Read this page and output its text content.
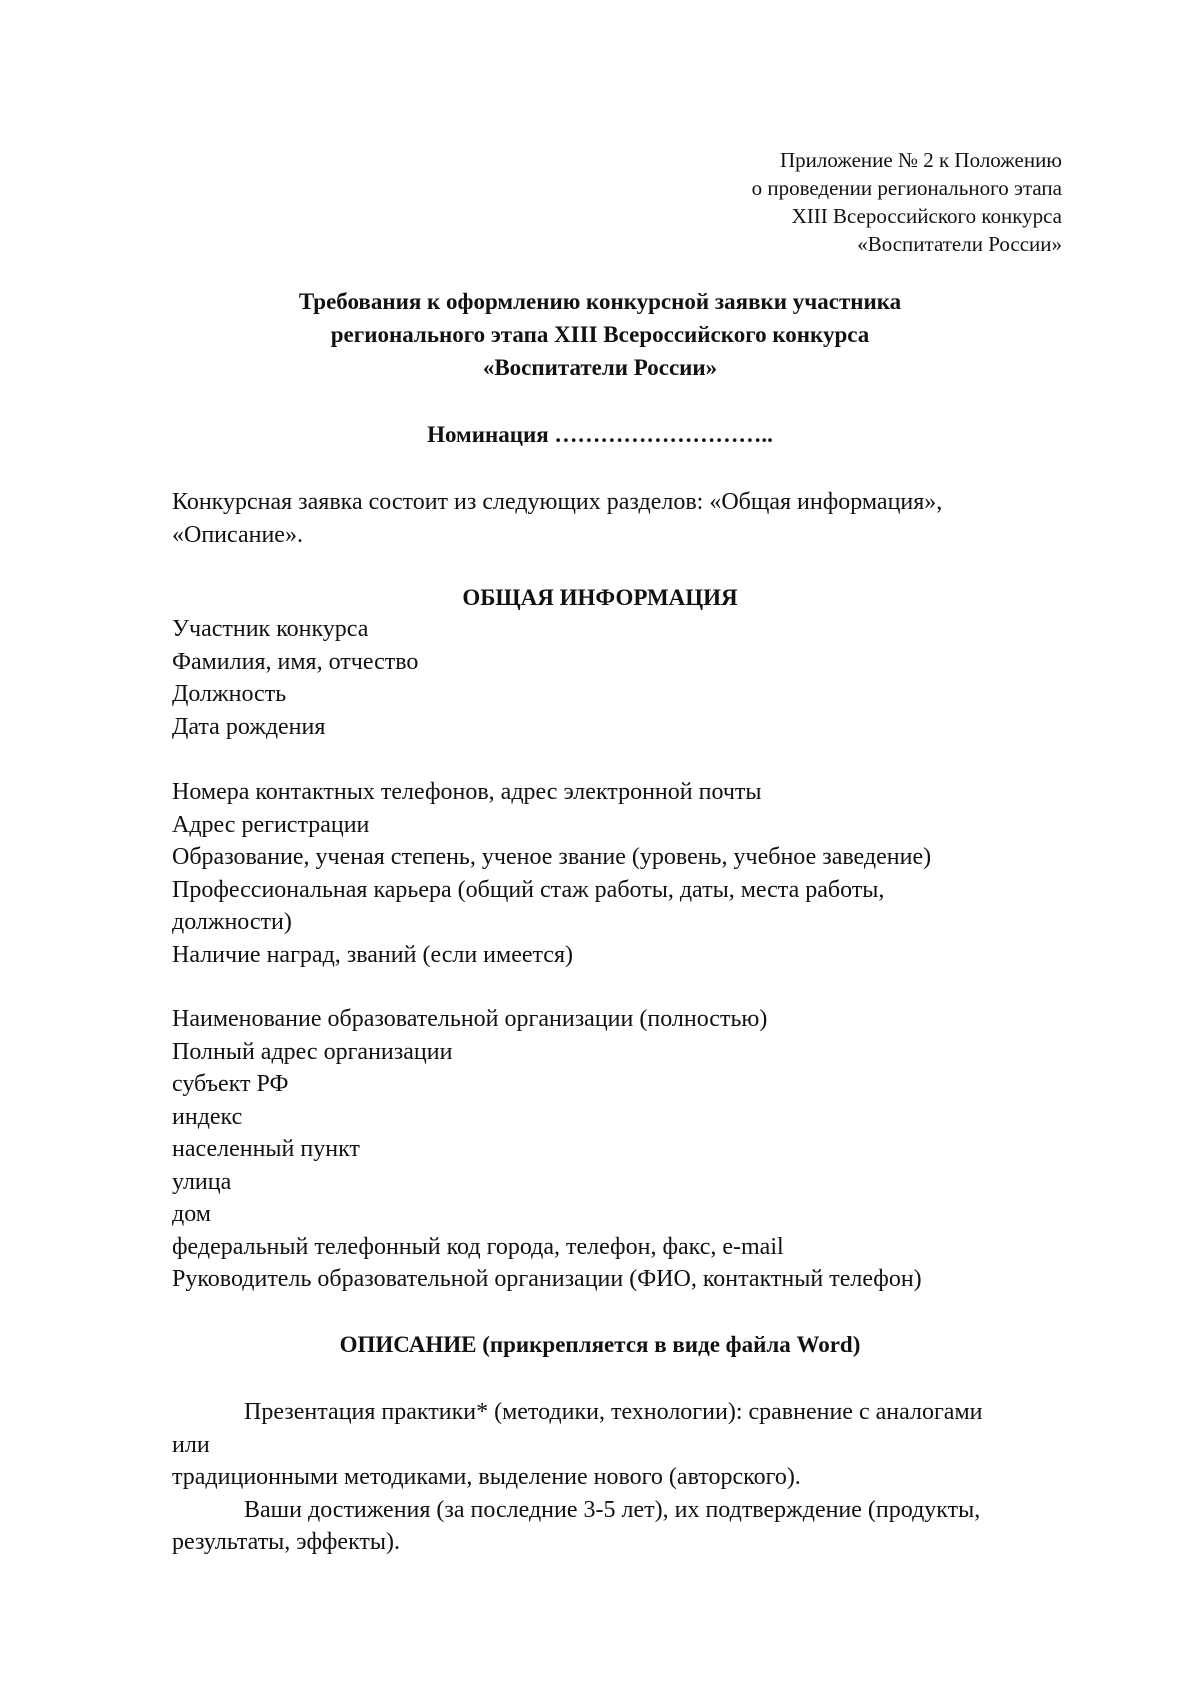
Приложение № 2 к Положению
о проведении регионального этапа
XIII Всероссийского конкурса
«Воспитатели России»
Требования к оформлению конкурсной заявки участника
регионального этапа XIII Всероссийского конкурса
«Воспитатели России»
Номинация ………………………..
Конкурсная заявка состоит из следующих разделов: «Общая информация»,
«Описание».
ОБЩАЯ ИНФОРМАЦИЯ
Участник конкурса
Фамилия, имя, отчество
Должность
Дата рождения
Номера контактных телефонов, адрес электронной почты
Адрес регистрации
Образование, ученая степень, ученое звание (уровень, учебное заведение)
Профессиональная карьера (общий стаж работы, даты, места работы,
должности)
Наличие наград, званий (если имеется)
Наименование образовательной организации (полностью)
Полный адрес организации
субъект РФ
индекс
населенный пункт
улица
дом
федеральный телефонный код города, телефон, факс, e-mail
Руководитель образовательной организации (ФИО, контактный телефон)
ОПИСАНИЕ (прикрепляется в виде файла Word)
Презентация практики* (методики, технологии): сравнение с аналогами
или
традиционными методиками, выделение нового (авторского).
Ваши достижения (за последние 3-5 лет), их подтверждение (продукты,
результаты, эффекты).
